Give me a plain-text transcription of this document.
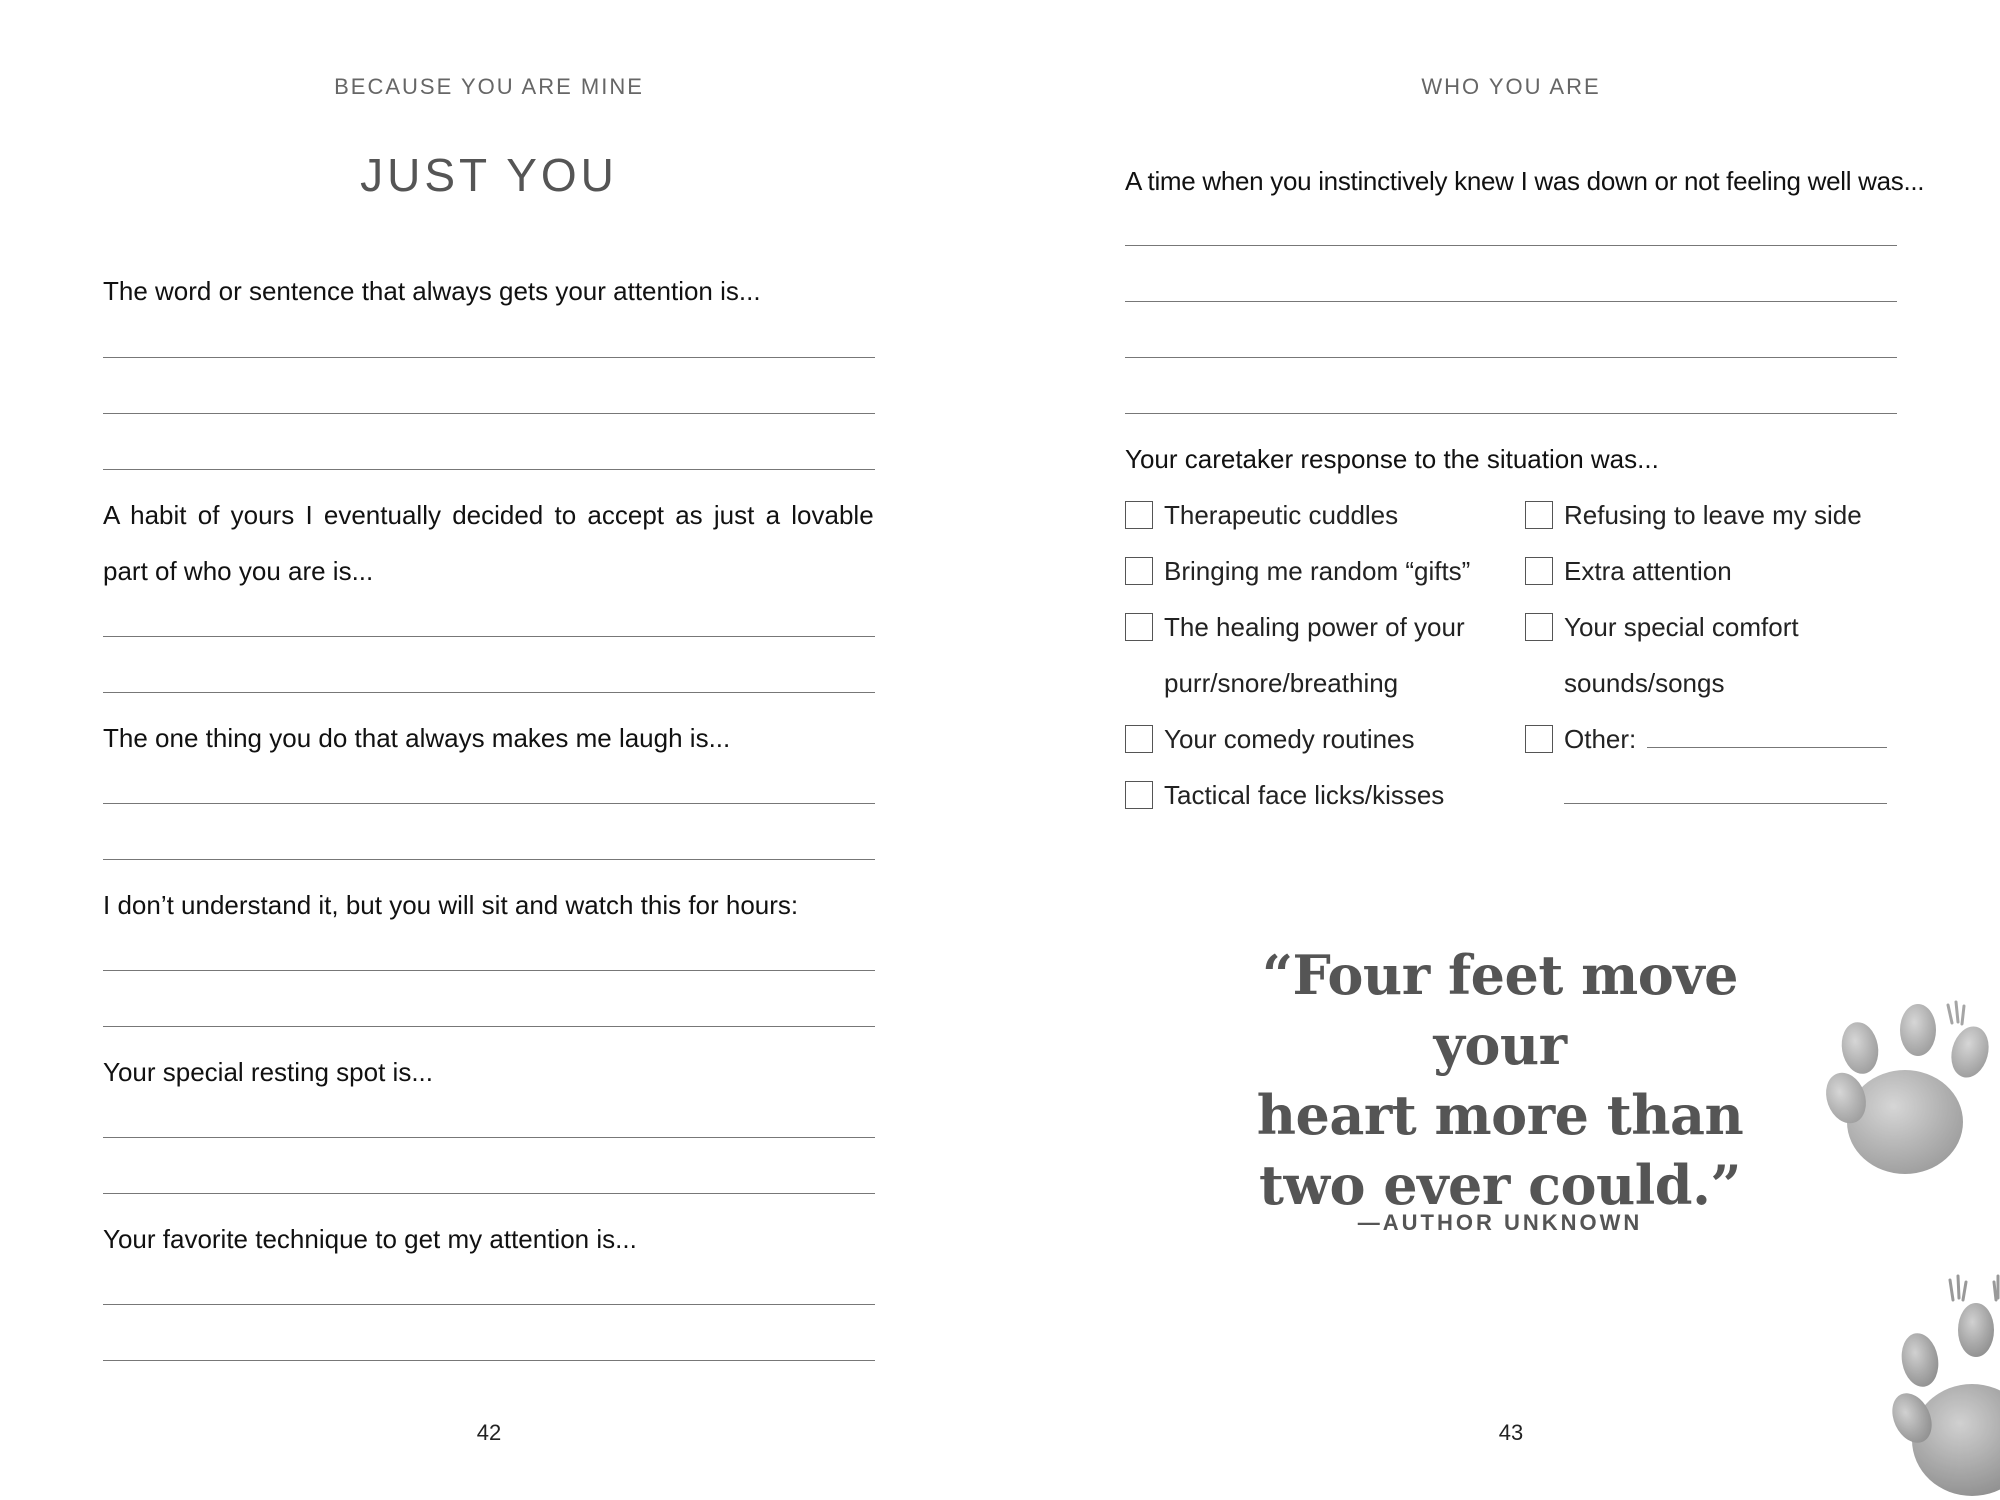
BECAUSE YOU ARE MINE
JUST YOU
The word or sentence that always gets your attention is...
A habit of yours I eventually decided to accept as just a lovable
part of who you are is...
The one thing you do that always makes me laugh is...
I don’t understand it, but you will sit and watch this for hours:
Your special resting spot is...
Your favorite technique to get my attention is...
42
WHO YOU ARE
A time when you instinctively knew I was down or not feeling well was...
Your caretaker response to the situation was...
Therapeutic cuddles
Bringing me random “gifts”
The healing power of your
purr/snore/breathing
Your comedy routines
Tactical face licks/kisses
Refusing to leave my side
Extra attention
Your special comfort
sounds/songs
Other:
“Four feet move your
heart more than
two ever could.”
—AUTHOR UNKNOWN
43
